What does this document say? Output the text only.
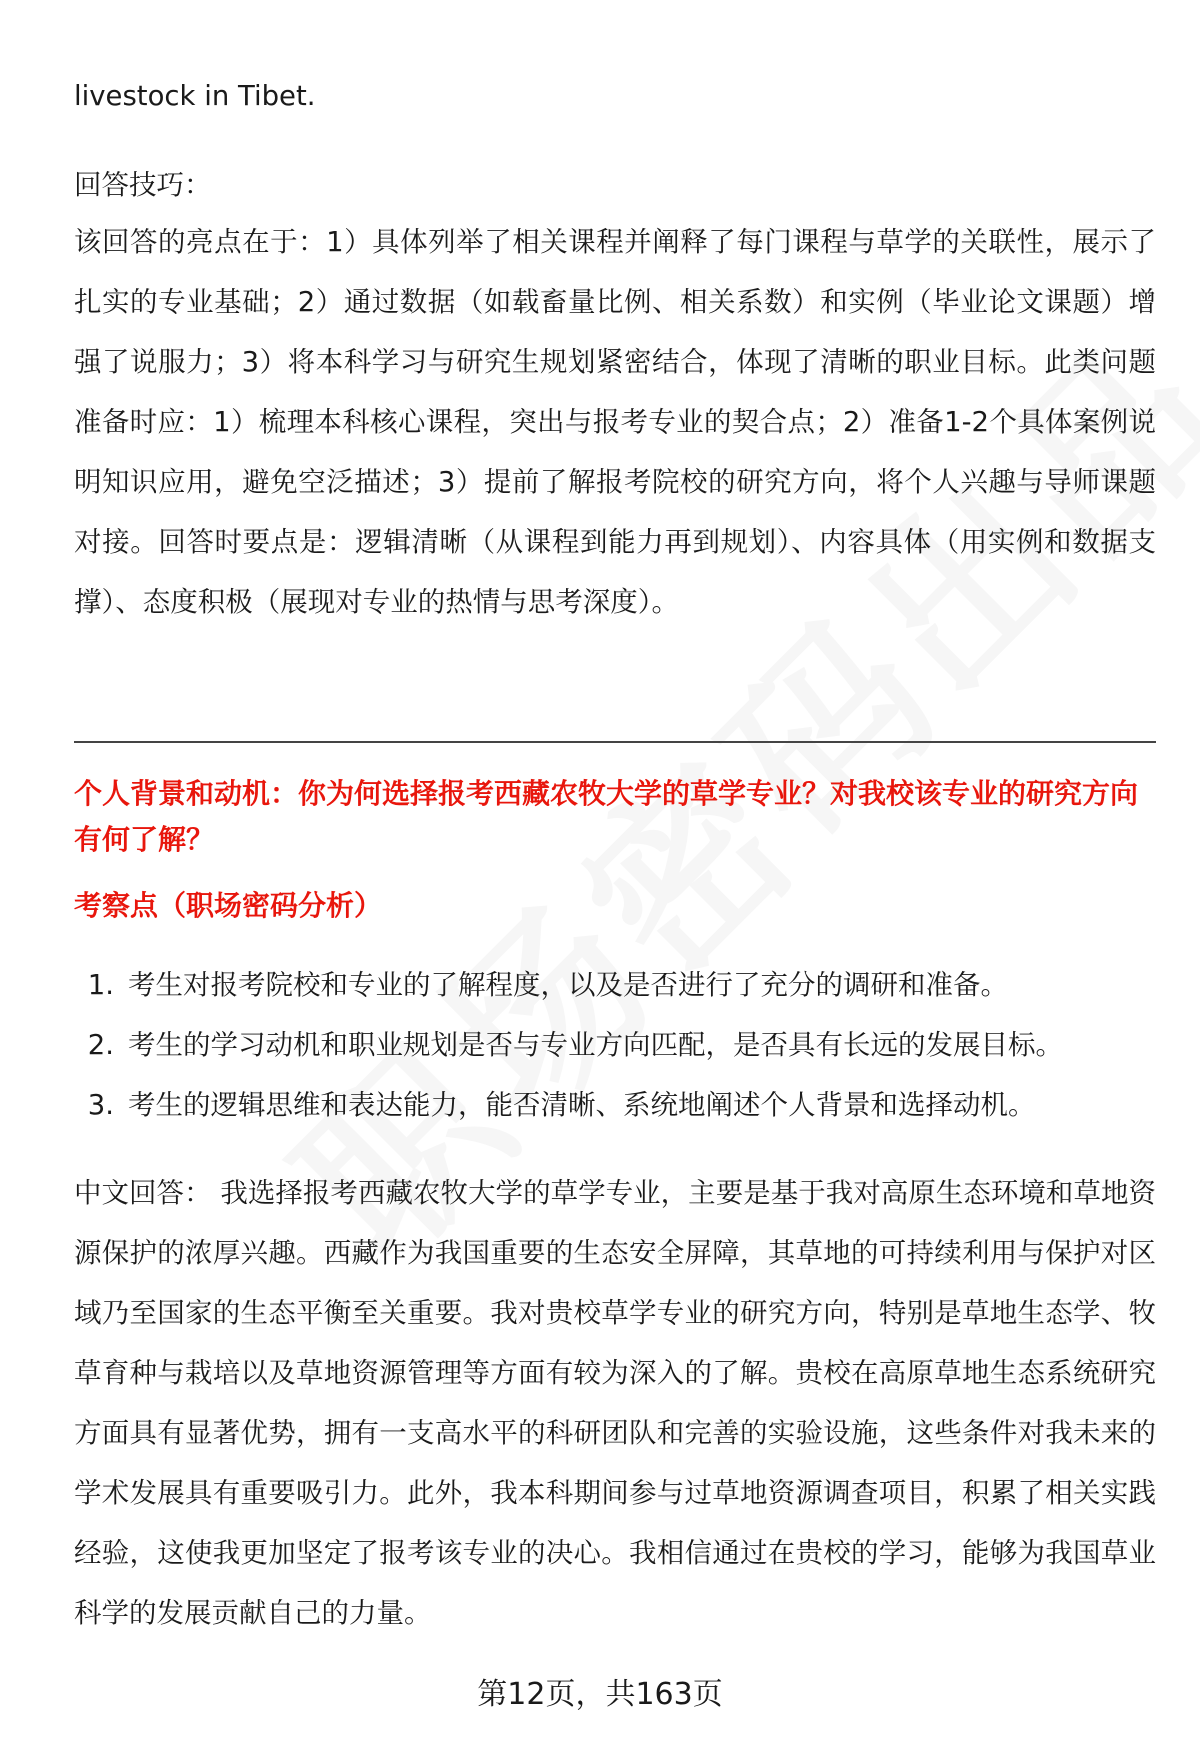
livestock in Tibet.

回答技巧：

该回答的亮点在于：1）具体列举了相关课程并阐释了每门课程与草学的关联性，展示了扎实的专业基础；2）通过数据（如载畜量比例、相关系数）和实例（毕业论文课题）增强了说服力；3）将本科学习与研究生规划紧密结合，体现了清晰的职业目标。此类问题准备时应：1）梳理本科核心课程，突出与报考专业的契合点；2）准备1-2个具体案例说明知识应用，避免空泛描述；3）提前了解报考院校的研究方向，将个人兴趣与导师课题对接。回答时要点是：逻辑清晰（从课程到能力再到规划）、内容具体（用实例和数据支撑）、态度积极（展现对专业的热情与思考深度）。

个人背景和动机：你为何选择报考西藏农牧大学的草学专业？对我校该专业的研究方向有何了解？

考察点（职场密码分析）

1. 考生对报考院校和专业的了解程度，以及是否进行了充分的调研和准备。
2. 考生的学习动机和职业规划是否与专业方向匹配，是否具有长远的发展目标。
3. 考生的逻辑思维和表达能力，能否清晰、系统地阐述个人背景和选择动机。

中文回答： 我选择报考西藏农牧大学的草学专业，主要是基于我对高原生态环境和草地资源保护的浓厚兴趣。西藏作为我国重要的生态安全屏障，其草地的可持续利用与保护对区域乃至国家的生态平衡至关重要。我对贵校草学专业的研究方向，特别是草地生态学、牧草育种与栽培以及草地资源管理等方面有较为深入的了解。贵校在高原草地生态系统研究方面具有显著优势，拥有一支高水平的科研团队和完善的实验设施，这些条件对我未来的学术发展具有重要吸引力。此外，我本科期间参与过草地资源调查项目，积累了相关实践经验，这使我更加坚定了报考该专业的决心。我相信通过在贵校的学习，能够为我国草业科学的发展贡献自己的力量。

第12页，共163页
